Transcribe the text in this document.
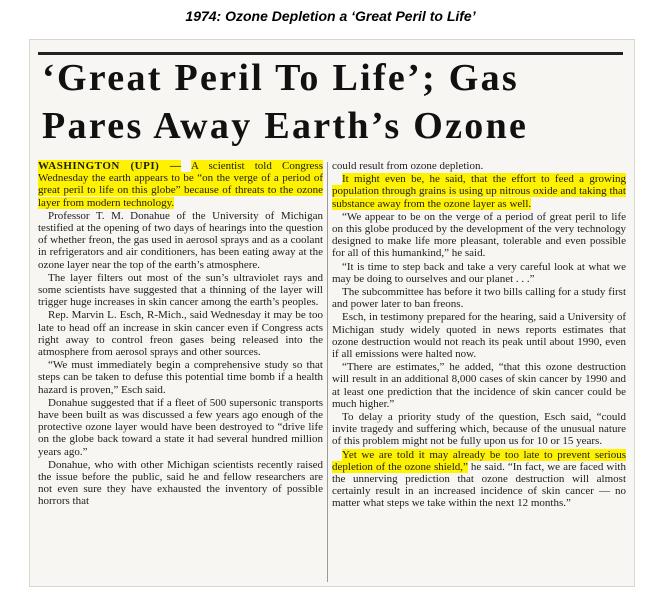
1974: Ozone Depletion a ‘Great Peril to Life’
‘Great Peril To Life’; Gas
Pares Away Earth’s Ozone

WASHINGTON (UPI) — A scientist told Congress Wednesday the earth appears to be “on the verge of a period of great peril to life on this globe” because of threats to the ozone layer from modern technology.

Professor T. M. Donahue of the University of Michigan testified at the opening of two days of hearings into the question of whether freon, the gas used in aerosol sprays and as a coolant in refrigerators and air conditioners, has been eating away at the ozone layer near the top of the earth’s atmosphere.

The layer filters out most of the sun’s ultraviolet rays and some scientists have suggested that a thinning of the layer will trigger huge increases in skin cancer among the earth’s peoples.

Rep. Marvin L. Esch, R-Mich., said Wednesday it may be too late to head off an increase in skin cancer even if Congress acts right away to control freon gases being released into the atmosphere from aerosol sprays and other sources.

“We must immediately begin a comprehensive study so that steps can be taken to defuse this potential time bomb if a health hazard is proven,” Esch said.

Donahue suggested that if a fleet of 500 supersonic transports have been built as was discussed a few years ago enough of the protective ozone layer would have been destroyed to “drive life on the globe back toward a state it had several hundred million years ago.”

Donahue, who with other Michigan scientists recently raised the issue before the public, said he and fellow researchers are not even sure they have exhausted the inventory of possible horrors that

could result from ozone depletion.

It might even be, he said, that the effort to feed a growing population through grains is using up nitrous oxide and taking that substance away from the ozone layer as well.

“We appear to be on the verge of a period of great peril to life on this globe produced by the development of the very technology designed to make life more pleasant, tolerable and even possible for all of this humankind,” he said.

“It is time to step back and take a very careful look at what we may be doing to ourselves and our planet . . .”

The subcommittee has before it two bills calling for a study first and power later to ban freons.

Esch, in testimony prepared for the hearing, said a University of Michigan study widely quoted in news reports estimates that ozone destruction would not reach its peak until about 1990, even if all emissions were halted now.

“There are estimates,” he added, “that this ozone destruction will result in an additional 8,000 cases of skin cancer by 1990 and at least one prediction that the incidence of skin cancer could be much higher.”

To delay a priority study of the question, Esch said, “could invite tragedy and suffering which, because of the unusual nature of this problem might not be fully upon us for 10 or 15 years.

Yet we are told it may already be too late to prevent serious depletion of the ozone shield,” he said. “In fact, we are faced with the unnerving prediction that ozone destruction will almost certainly result in an increased incidence of skin cancer — no matter what steps we take within the next 12 months.”
